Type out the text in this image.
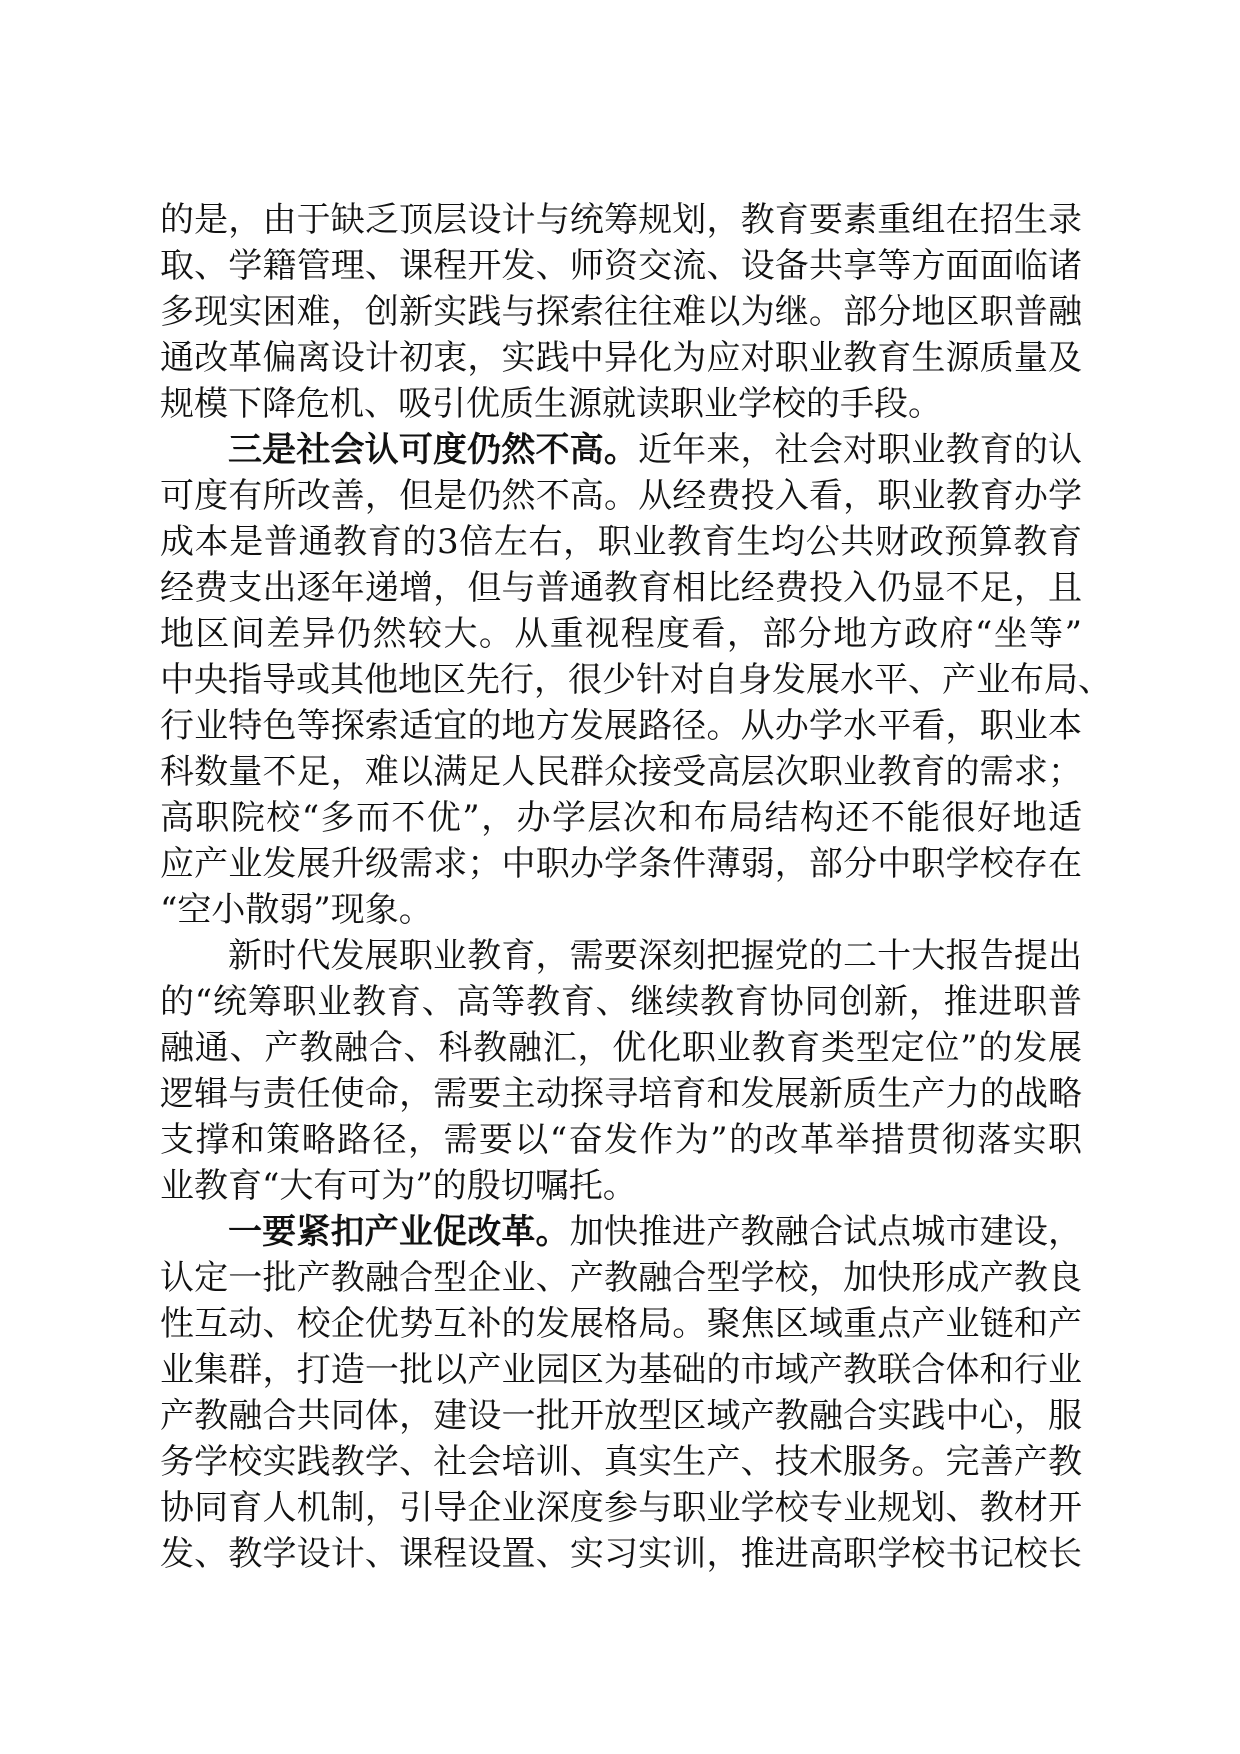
的是，由于缺乏顶层设计与统筹规划，教育要素重组在招生录
取、学籍管理、课程开发、师资交流、设备共享等方面面临诸
多现实困难，创新实践与探索往往难以为继。部分地区职普融
通改革偏离设计初衷，实践中异化为应对职业教育生源质量及
规模下降危机、吸引优质生源就读职业学校的手段。
三是社会认可度仍然不高。近年来，社会对职业教育的认
可度有所改善，但是仍然不高。从经费投入看，职业教育办学
成本是普通教育的3倍左右，职业教育生均公共财政预算教育
经费支出逐年递增，但与普通教育相比经费投入仍显不足，且
地区间差异仍然较大。从重视程度看，部分地方政府“坐等”
中央指导或其他地区先行，很少针对自身发展水平、产业布局、
行业特色等探索适宜的地方发展路径。从办学水平看，职业本
科数量不足，难以满足人民群众接受高层次职业教育的需求；
高职院校“多而不优”，办学层次和布局结构还不能很好地适
应产业发展升级需求；中职办学条件薄弱，部分中职学校存在
“空小散弱”现象。
新时代发展职业教育，需要深刻把握党的二十大报告提出
的“统筹职业教育、高等教育、继续教育协同创新，推进职普
融通、产教融合、科教融汇，优化职业教育类型定位”的发展
逻辑与责任使命，需要主动探寻培育和发展新质生产力的战略
支撑和策略路径，需要以“奋发作为”的改革举措贯彻落实职
业教育“大有可为”的殷切嘱托。
一要紧扣产业促改革。加快推进产教融合试点城市建设，
认定一批产教融合型企业、产教融合型学校，加快形成产教良
性互动、校企优势互补的发展格局。聚焦区域重点产业链和产
业集群，打造一批以产业园区为基础的市域产教联合体和行业
产教融合共同体，建设一批开放型区域产教融合实践中心，服
务学校实践教学、社会培训、真实生产、技术服务。完善产教
协同育人机制，引导企业深度参与职业学校专业规划、教材开
发、教学设计、课程设置、实习实训，推进高职学校书记校长
